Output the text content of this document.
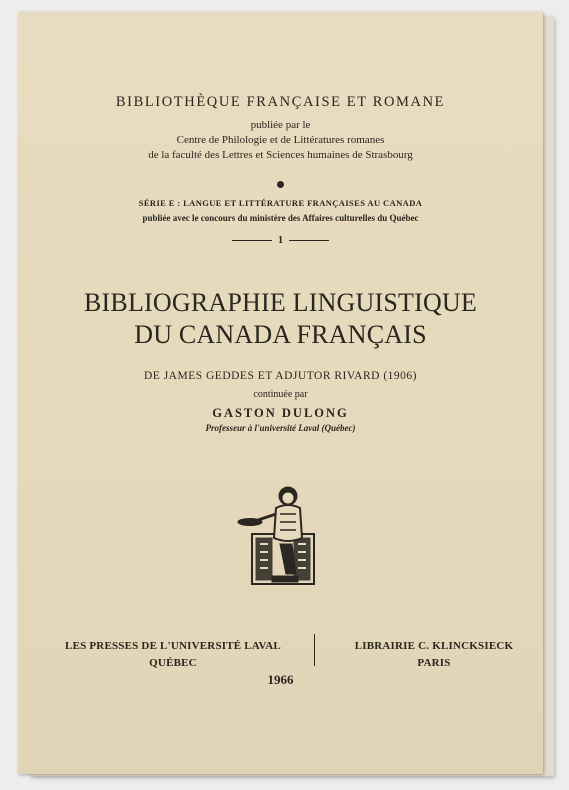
BIBLIOTHÈQUE FRANÇAISE ET ROMANE
publiée par le
Centre de Philologie et de Littératures romanes
de la faculté des Lettres et Sciences humaines de Strasbourg
SÉRIE E : LANGUE ET LITTÉRATURE FRANÇAISES AU CANADA
publiée avec le concours du ministère des Affaires culturelles du Québec
1
BIBLIOGRAPHIE LINGUISTIQUE
DU CANADA FRANÇAIS
DE JAMES GEDDES ET ADJUTOR RIVARD (1906)
continuée par
GASTON DULONG
Professeur à l'université Laval (Québec)
LES PRESSES DE L'UNIVERSITÉ LAVAL
QUÉBEC
LIBRAIRIE C. KLINCKSIECK
PARIS
1966
